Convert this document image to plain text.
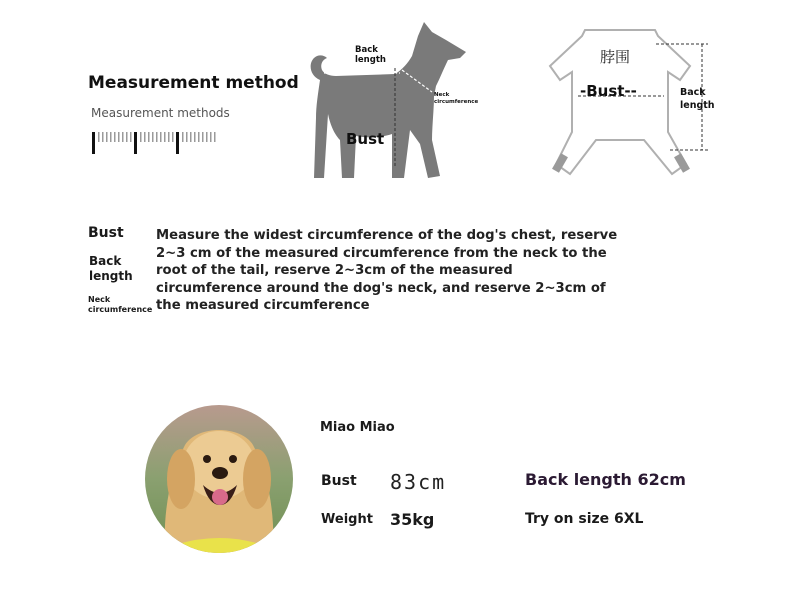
Measurement method
Measurement methods
Back
length
Neck
circumference
Bust
脖围
-Bust--	Back
length
Bust
Back
length
Neck
circumference
Measure the widest circumference of the dog's chest, reserve 2~3 cm of the measured circumference from the neck to the root of the tail, reserve 2~3cm of the measured circumference around the dog's neck, and reserve 2~3cm of the measured circumference
Miao Miao
Bust 83cm
Weight 35kg
Back length 62cm
Try on size 6XL
